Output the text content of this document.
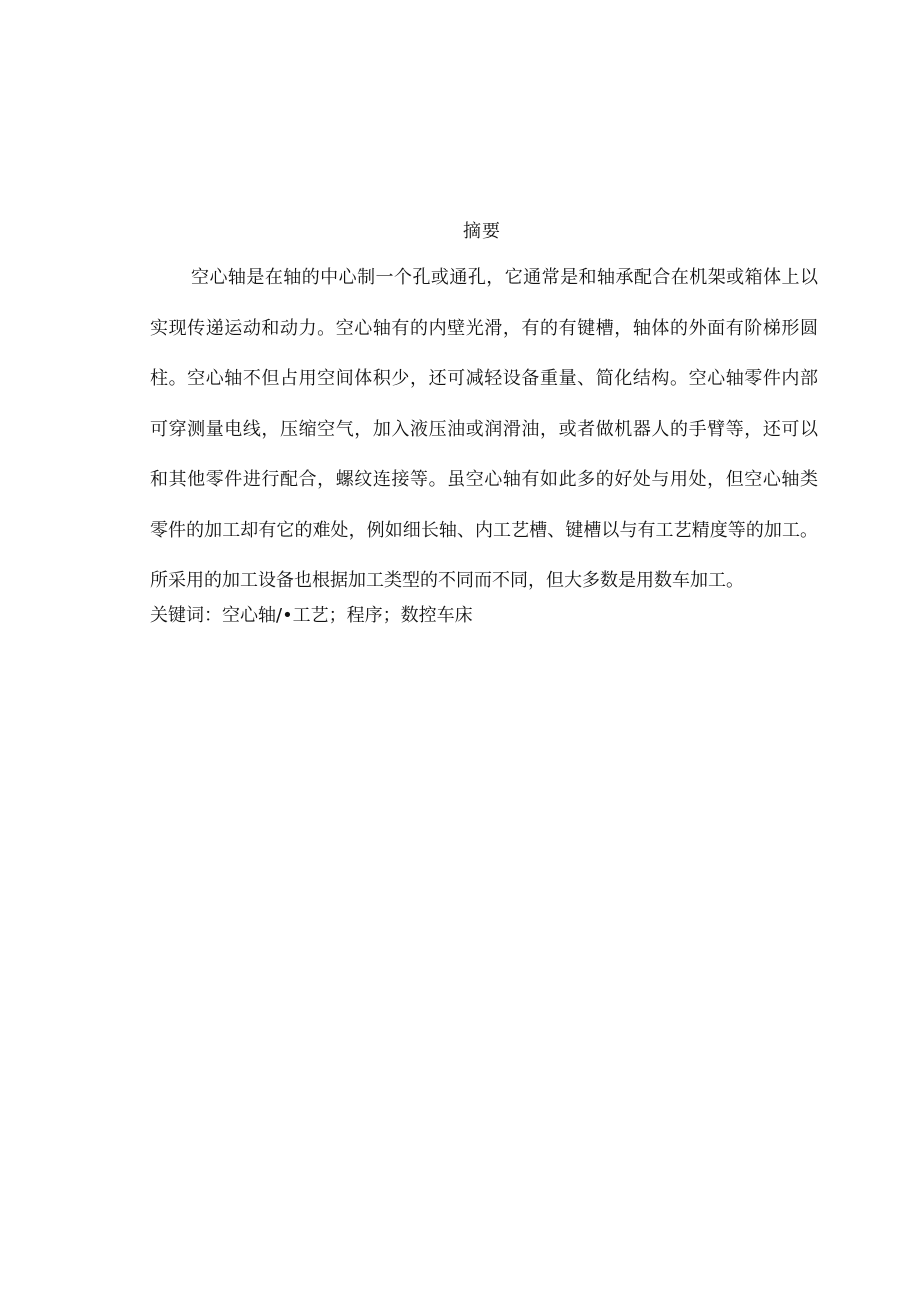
摘要
空心轴是在轴的中心制一个孔或通孔，它通常是和轴承配合在机架或箱体上以
实现传递运动和动力。空心轴有的内壁光滑，有的有键槽，轴体的外面有阶梯形圆
柱。空心轴不但占用空间体积少，还可减轻设备重量、简化结构。空心轴零件内部
可穿测量电线，压缩空气，加入液压油或润滑油，或者做机器人的手臂等，还可以
和其他零件进行配合，螺纹连接等。虽空心轴有如此多的好处与用处，但空心轴类
零件的加工却有它的难处，例如细长轴、内工艺槽、键槽以与有工艺精度等的加工。
所采用的加工设备也根据加工类型的不同而不同，但大多数是用数车加工。
关键词：空心轴/•工艺；程序；数控车床
